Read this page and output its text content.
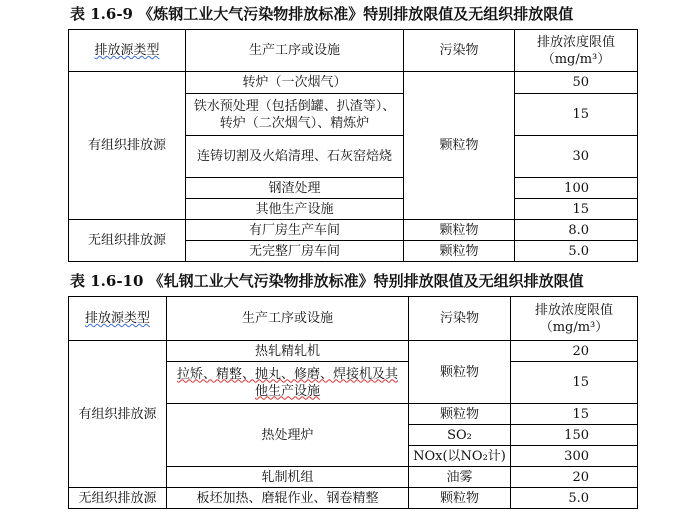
表 1.6-9 《炼钢工业大气污染物排放标准》特别排放限值及无组织排放限值
排放源类型	生产工序或设施	污染物	排放浓度限值
（mg/m³）

有组织排放源	转炉（一次烟气）	颗粒物	50
	铁水预处理（包括倒罐、扒渣等）、转炉（二次烟气）、精炼炉		15
	连铸切割及火焰清理、石灰窑焙烧		30
	钢渣处理		100
	其他生产设施		15
无组织排放源	有厂房生产车间	颗粒物	8.0
	无完整厂房车间	颗粒物	5.0
表 1.6-10 《轧钢工业大气污染物排放标准》特别排放限值及无组织排放限值
排放源类型	生产工序或设施	污染物	排放浓度限值
（mg/m³）

有组织排放源	热轧精轧机	颗粒物	20
	拉矫、精整、抛丸、修磨、焊接机及其他生产设施		15
	热处理炉	颗粒物	15
		SO₂	150
		NOx(以NO₂计)	300
	轧制机组	油雾	20
无组织排放源	板坯加热、磨辊作业、钢卷精整	颗粒物	5.0
